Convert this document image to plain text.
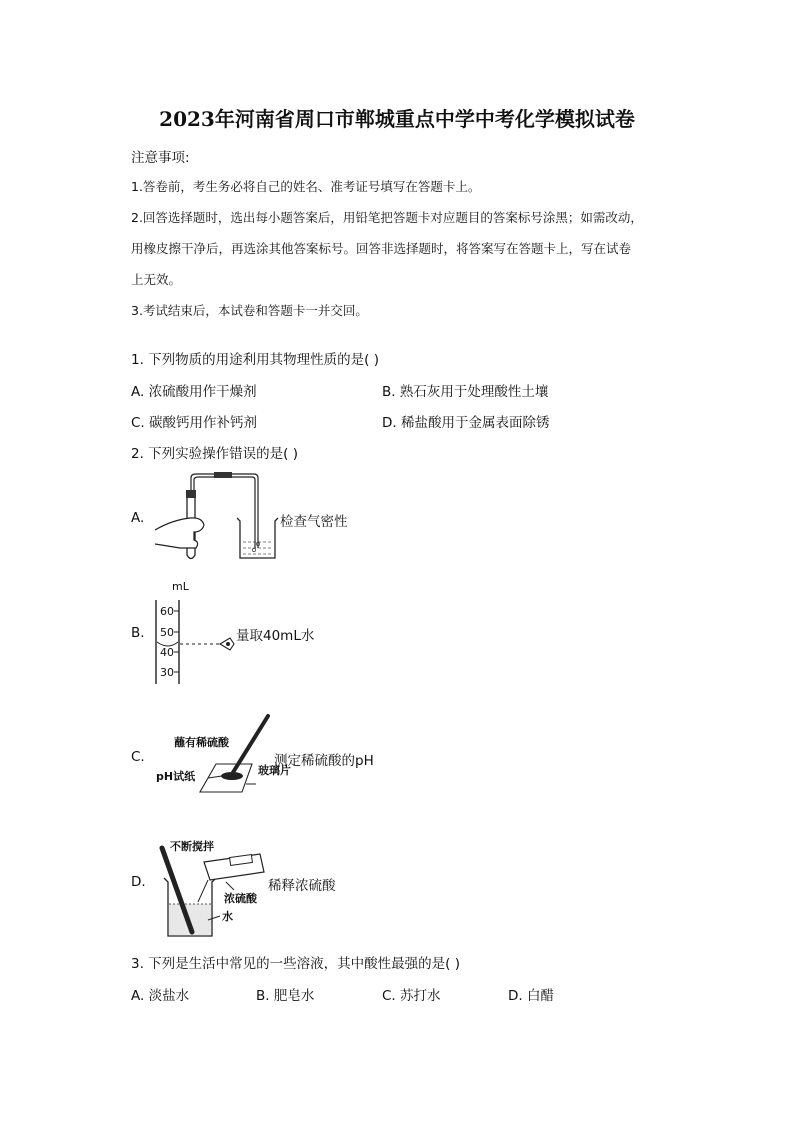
2023年河南省周口市郸城重点中学中考化学模拟试卷
注意事项:
1.答卷前，考生务必将自己的姓名、准考证号填写在答题卡上。
2.回答选择题时，选出每小题答案后，用铅笔把答题卡对应题目的答案标号涂黑；如需改动，
用橡皮擦干净后，再选涂其他答案标号。回答非选择题时，将答案写在答题卡上，写在试卷
上无效。
3.考试结束后，本试卷和答题卡一并交回。
1. 下列物质的用途利用其物理性质的是( )
A. 浓硫酸用作干燥剂	B. 熟石灰用于处理酸性土壤
C. 碳酸钙用作补钙剂	D. 稀盐酸用于金属表面除锈
2. 下列实验操作错误的是( )
A.	检查气密性
B.
mL
60
50
40
30
量取40mL水
C.
蘸有稀硫酸
pH试纸	玻璃片
测定稀硫酸的pH
D.
不断搅拌
浓硫酸
水
稀释浓硫酸
3. 下列是生活中常见的一些溶液，其中酸性最强的是( )
A. 淡盐水	B. 肥皂水	C. 苏打水	D. 白醋
